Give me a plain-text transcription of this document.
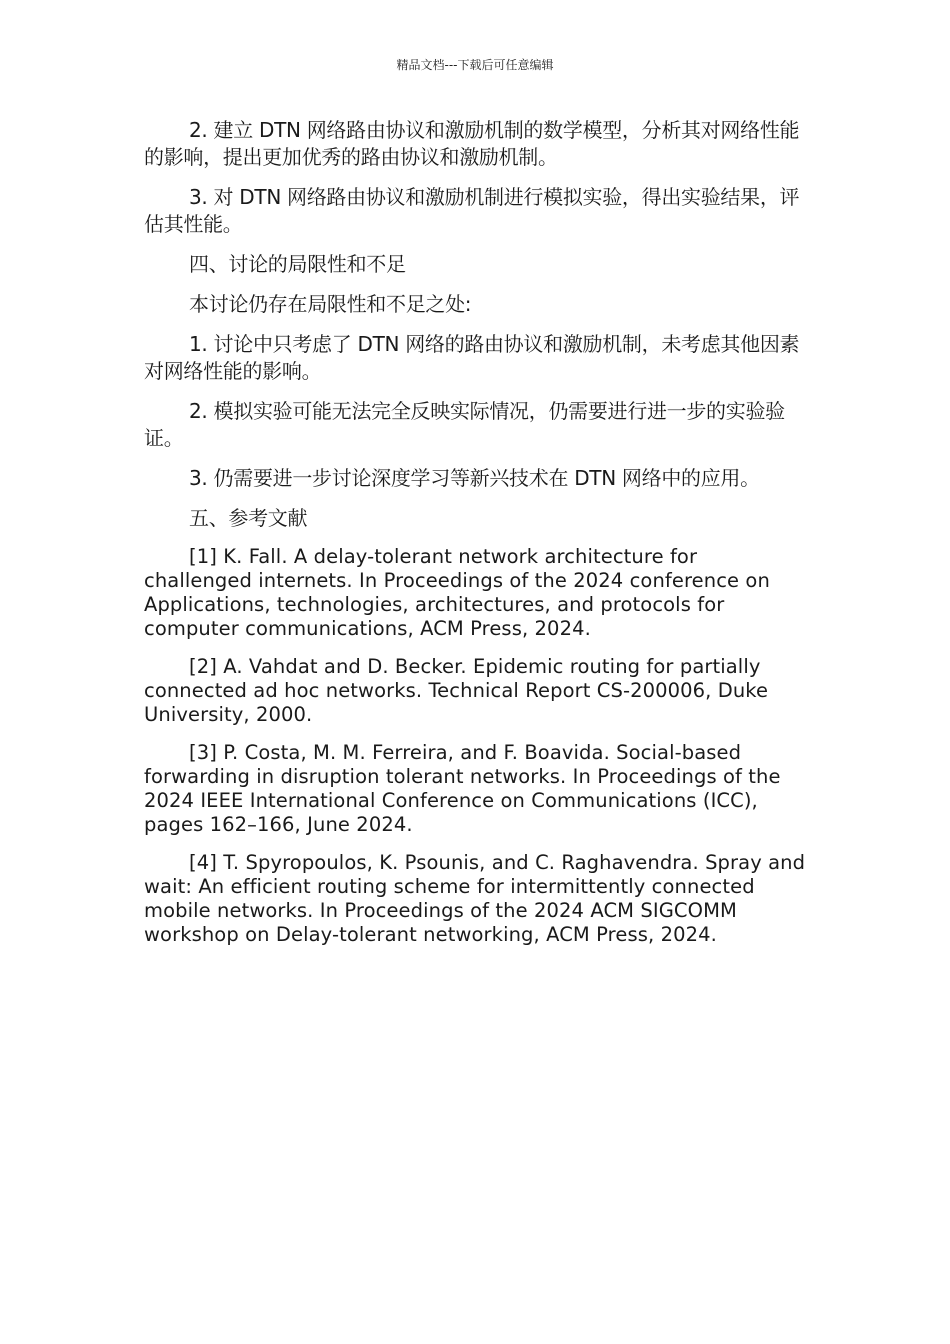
精品文档---下载后可任意编辑

2. 建立 DTN 网络路由协议和激励机制的数学模型，分析其对网络性能的影响，提出更加优秀的路由协议和激励机制。

3. 对 DTN 网络路由协议和激励机制进行模拟实验，得出实验结果，评估其性能。

四、讨论的局限性和不足

本讨论仍存在局限性和不足之处:

1. 讨论中只考虑了 DTN 网络的路由协议和激励机制，未考虑其他因素对网络性能的影响。

2. 模拟实验可能无法完全反映实际情况，仍需要进行进一步的实验验证。

3. 仍需要进一步讨论深度学习等新兴技术在 DTN 网络中的应用。

五、参考文献

[1] K. Fall. A delay-tolerant network architecture for challenged internets. In Proceedings of the 2024 conference on Applications, technologies, architectures, and protocols for computer communications, ACM Press, 2024.

[2] A. Vahdat and D. Becker. Epidemic routing for partially connected ad hoc networks. Technical Report CS-200006, Duke University, 2000.

[3] P. Costa, M. M. Ferreira, and F. Boavida. Social-based forwarding in disruption tolerant networks. In Proceedings of the 2024 IEEE International Conference on Communications (ICC), pages 162–166, June 2024.

[4] T. Spyropoulos, K. Psounis, and C. Raghavendra. Spray and wait: An efficient routing scheme for intermittently connected mobile networks. In Proceedings of the 2024 ACM SIGCOMM workshop on Delay-tolerant networking, ACM Press, 2024.
